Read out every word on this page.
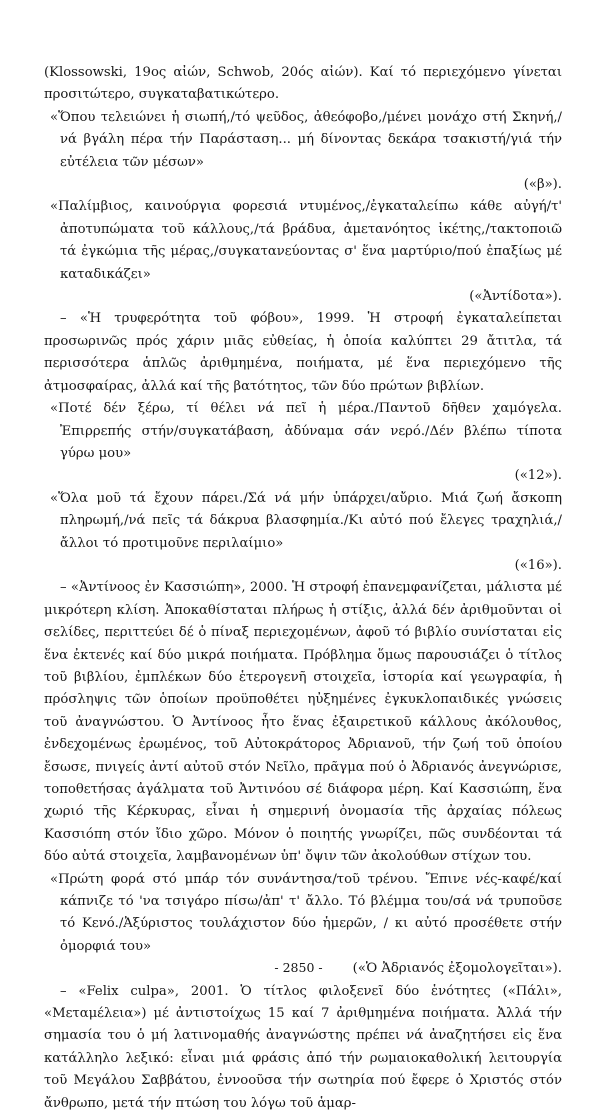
(Klossowski, 19ος αἰών, Schwob, 20ός αἰών). Καί τό περιεχόμενο γίνεται προσιτώτερο, συγκαταβατικώτερο.

«Ὅπου τελειώνει ἡ σιωπή,/τό ψεῦδος, ἀθεόφοβο,/μένει μονάχο στή Σκηνή,/νά βγάλη πέρα τήν Παράσταση... μή δίνοντας δεκάρα τσακιστή/γιά τήν εὐτέλεια τῶν μέσων»
(«β»).

«Παλίμβιος, καινούργια φορεσιά ντυμένος,/ἐγκαταλείπω κάθε αὐγή/τ' ἀποτυπώματα τοῦ κάλλους,/τά βράδυα, ἀμετανόητος ἱκέτης,/τακτοποιῶ τά ἐγκώμια τῆς μέρας,/συγκατανεύοντας σ' ἕνα μαρτύριο/πού ἐπαξίως μέ καταδικάζει»
(«Ἀντίδοτα»).

– «Ἡ τρυφερότητα τοῦ φόβου», 1999. Ἡ στροφή ἐγκαταλείπεται προσωρινῶς πρός χάριν μιᾶς εὐθείας, ἡ ὁποία καλύπτει 29 ἄτιτλα, τά περισσότερα ἁπλῶς ἀριθμημένα, ποιήματα, μέ ἕνα περιεχόμενο τῆς ἀτμοσφαίρας, ἀλλά καί τῆς βατότητος, τῶν δύο πρώτων βιβλίων.

«Ποτέ δέν ξέρω, τί θέλει νά πεῖ ἡ μέρα./Παντοῦ δῆθεν χαμόγελα. Ἐπιρρεπής στήν/συγκατάβαση, ἀδύναμα σάν νερό./Δέν βλέπω τίποτα γύρω μου»
(«12»).

«Ὅλα μοῦ τά ἔχουν πάρει./Σά νά μήν ὑπάρχει/αὔριο. Μιά ζωή ἄσκοπη πληρωμή,/νά πεῖς τά δάκρυα βλασφημία./Κι αὐτό πού ἔλεγες τραχηλιά,/ἄλλοι τό προτιμοῦνε περιλαίμιο»
(«16»).

– «Ἀντίνοος ἐν Κασσιώπη», 2000. Ἡ στροφή ἐπανεμφανίζεται, μάλιστα μέ μικρότερη κλίση. Ἀποκαθίσταται πλήρως ἡ στίξις, ἀλλά δέν ἀριθμοῦνται οἱ σελίδες, περιττεύει δέ ὁ πίναξ περιεχομένων, ἀφοῦ τό βιβλίο συνίσταται εἰς ἕνα ἐκτενές καί δύο μικρά ποιήματα. Πρόβλημα ὅμως παρουσιάζει ὁ τίτλος τοῦ βιβλίου, ἐμπλέκων δύο ἑτερογενῆ στοιχεῖα, ἱστορία καί γεωγραφία, ἡ πρόσληψις τῶν ὁποίων προϋποθέτει ηὐξημένες ἐγκυκλοπαιδικές γνώσεις τοῦ ἀναγνώστου. Ὁ Ἀντίνοος ἦτο ἕνας ἐξαιρετικοῦ κάλλους ἀκόλουθος, ἐνδεχομένως ἐρωμένος, τοῦ Αὐτοκράτορος Ἀδριανοῦ, τήν ζωή τοῦ ὁποίου ἔσωσε, πνιγείς ἀντί αὐτοῦ στόν Νεῖλο, πρᾶγμα πού ὁ Ἀδριανός ἀνεγνώρισε, τοποθετήσας ἀγάλματα τοῦ Ἀντινόου σέ διάφορα μέρη. Καί Κασσιώπη, ἕνα χωριό τῆς Κέρκυρας, εἶναι ἡ σημερινή ὀνομασία τῆς ἀρχαίας πόλεως Κασσιόπη στόν ἴδιο χῶρο. Μόνον ὁ ποιητής γνωρίζει, πῶς συνδέονται τά δύο αὐτά στοιχεῖα, λαμβανομένων ὑπ' ὄψιν τῶν ἀκολούθων στίχων του.

«Πρώτη φορά στό μπάρ τόν συνάντησα/τοῦ τρένου. Ἔπινε νές-καφέ/καί κάπνιζε τό 'να τσιγάρο πίσω/ἀπ' τ' ἄλλο. Τό βλέμμα του/σά νά τρυποῦσε τό Κενό./Ἀξύριστος τουλάχιστον δύο ἡμερῶν, / κι αὐτό προσέθετε στήν ὀμορφιά του»
(«Ὁ Ἀδριανός ἐξομολογεῖται»).

– «Felix culpa», 2001. Ὁ τίτλος φιλοξενεῖ δύο ἑνότητες («Πάλι», «Μεταμέλεια») μέ ἀντιστοίχως 15 καί 7 ἀριθμημένα ποιήματα. Ἀλλά τήν σημασία του ὁ μή λατινομαθής ἀναγνώστης πρέπει νά ἀναζητήσει εἰς ἕνα κατάλληλο λεξικό: εἶναι μιά φράσις ἀπό τήν ρωμαιοκαθολική λειτουργία τοῦ Μεγάλου Σαββάτου, ἐννοοῦσα τήν σωτηρία πού ἔφερε ὁ Χριστός στόν ἄνθρωπο, μετά τήν πτώση του λόγω τοῦ ἁμαρ-

- 2850 -
